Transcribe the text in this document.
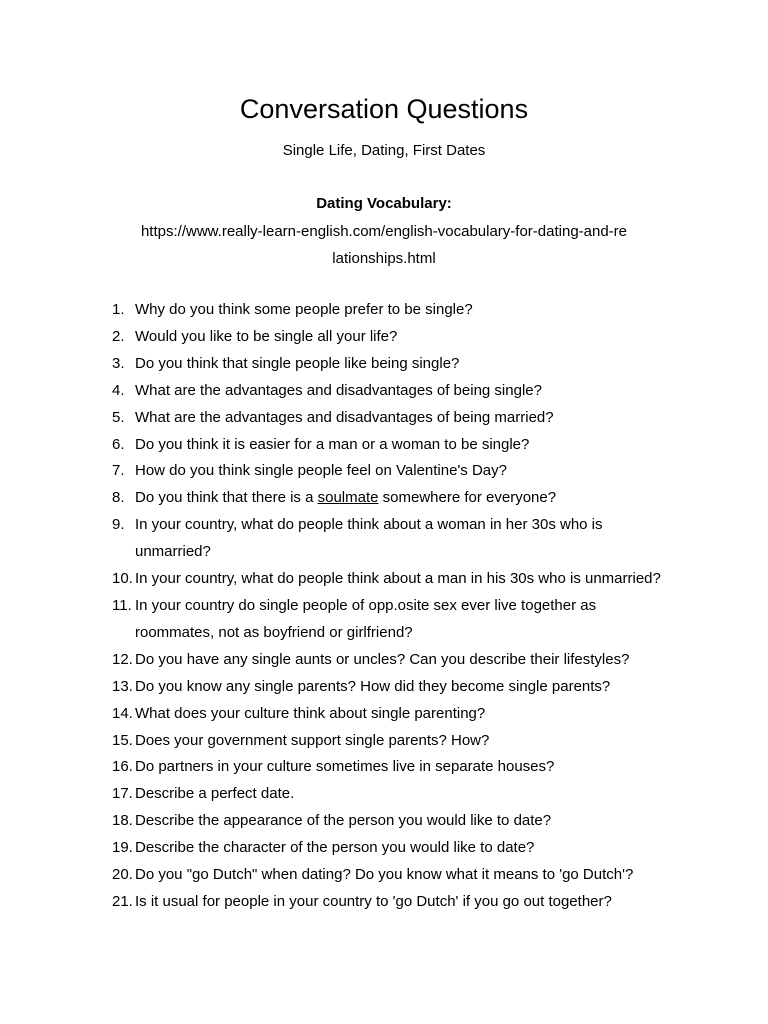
Conversation Questions

Single Life, Dating, First Dates

Dating Vocabulary:

https://www.really-learn-english.com/english-vocabulary-for-dating-and-relationships.html

1. Why do you think some people prefer to be single?
2. Would you like to be single all your life?
3. Do you think that single people like being single?
4. What are the advantages and disadvantages of being single?
5. What are the advantages and disadvantages of being married?
6. Do you think it is easier for a man or a woman to be single?
7. How do you think single people feel on Valentine's Day?
8. Do you think that there is a soulmate somewhere for everyone?
9. In your country, what do people think about a woman in her 30s who is unmarried?
10. In your country, what do people think about a man in his 30s who is unmarried?
11. In your country do single people of opp.osite sex ever live together as roommates, not as boyfriend or girlfriend?
12. Do you have any single aunts or uncles? Can you describe their lifestyles?
13. Do you know any single parents? How did they become single parents?
14. What does your culture think about single parenting?
15. Does your government support single parents? How?
16. Do partners in your culture sometimes live in separate houses?
17. Describe a perfect date.
18. Describe the appearance of the person you would like to date?
19. Describe the character of the person you would like to date?
20. Do you "go Dutch" when dating? Do you know what it means to 'go Dutch'?
21. Is it usual for people in your country to 'go Dutch' if you go out together?
